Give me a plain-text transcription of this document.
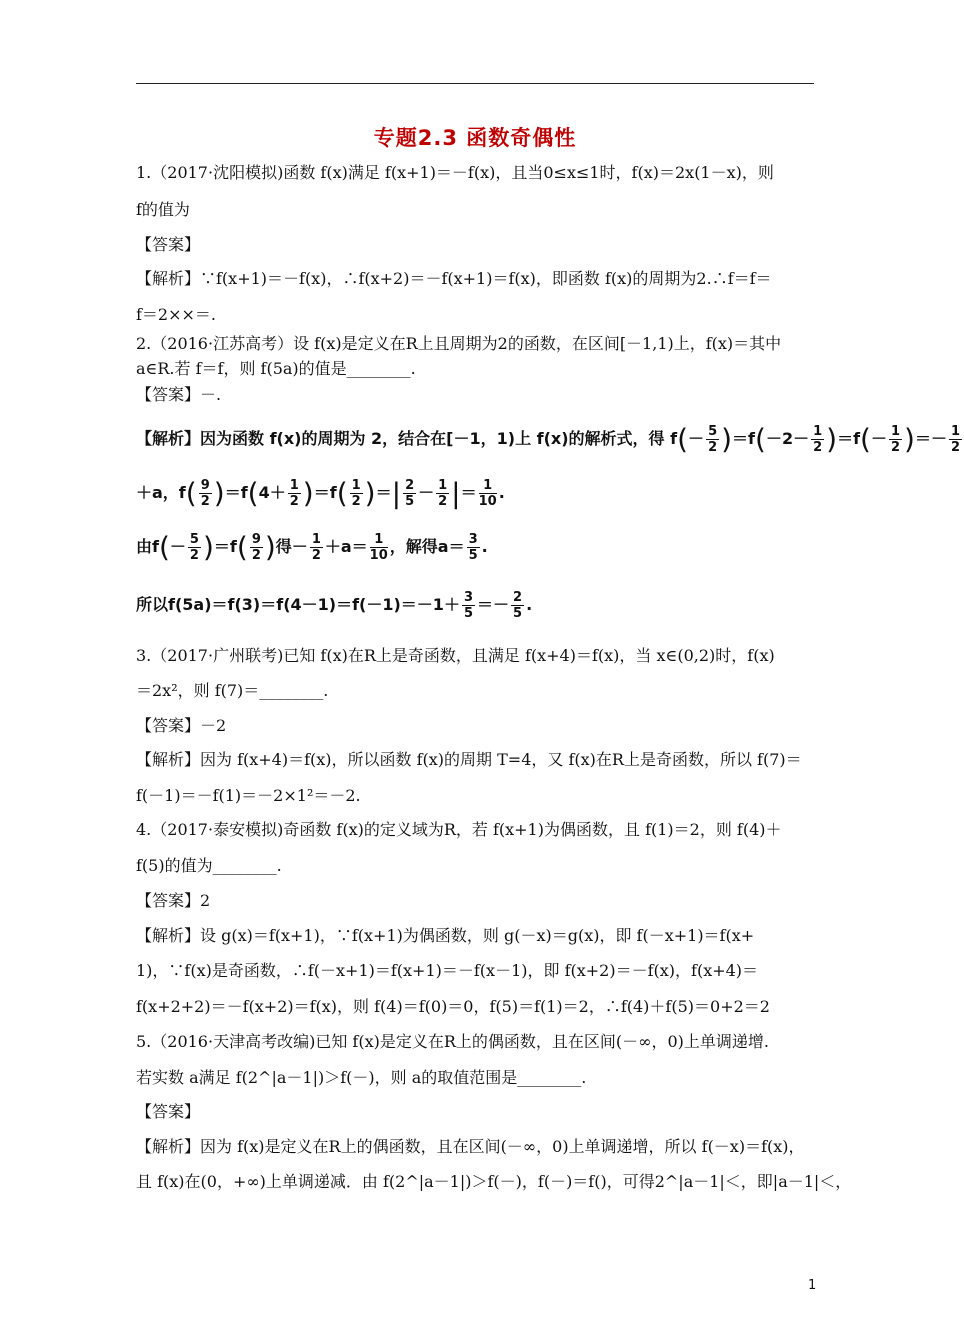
专题2.3 函数奇偶性
1.（2017·沈阳模拟)函数 f(x)满足 f(x+1)＝－f(x)，且当0≤x≤1时，f(x)＝2x(1－x)，则
f的值为
【答案】
【解析】∵f(x+1)＝－f(x)，∴f(x+2)＝－f(x+1)＝f(x)，即函数 f(x)的周期为2.∴f＝f＝
f＝2××＝.
2.（2016·江苏高考）设 f(x)是定义在R上且周期为2的函数，在区间[－1,1)上，f(x)＝其中
a∈R.若 f＝f，则 f(5a)的值是________.
【答案】－.
【解析】因为函数 f(x)的周期为 2，结合在[－1，1)上 f(x)的解析式，得 $f(- \frac{5}{2} )=f(-2- \frac{1}{2} )=f(- \frac{1}{2}$ )＝－ $\frac{1}{2}$
＋a，$f( \frac{9}{2} )=f(4+ \frac{1}{2} )=f( \frac{1}{2}$ )＝| $\frac{2}{5} - \frac{1}{2}$ |＝ $\frac{1}{10}$ .
由$f(- \frac{5}{2} )=f( \frac{9}{2}$ )得－ $\frac{1}{2} +a= \frac{1}{10}$ ，解得$a= \frac{3}{5}$ .
所以$f(5a)=f(3)=f(4-1)=f(-1)=-1+ \frac{3}{5} =- \frac{2}{5}$ .
3.（2017·广州联考)已知 f(x)在R上是奇函数，且满足 f(x+4)＝f(x)，当 x∈(0,2)时，f(x)
＝2x²，则 f(7)＝________.
【答案】－2
【解析】因为 f(x+4)＝f(x)，所以函数 f(x)的周期 T=4，又 f(x)在R上是奇函数，所以 f(7)＝
f(－1)＝－f(1)＝－2×1²＝－2.
4.（2017·泰安模拟)奇函数 f(x)的定义域为R，若 f(x+1)为偶函数，且 f(1)＝2，则 f(4)＋
f(5)的值为________.
【答案】2
【解析】设 g(x)＝f(x+1)，∵f(x+1)为偶函数，则 g(－x)＝g(x)，即 f(－x+1)＝f(x+
1)，∵f(x)是奇函数，∴f(－x+1)＝f(x+1)＝－f(x－1)，即 f(x+2)＝－f(x)，f(x+4)＝
f(x+2+2)＝－f(x+2)＝f(x)，则 f(4)＝f(0)＝0，f(5)＝f(1)＝2，∴f(4)＋f(5)＝0+2＝2
5.（2016·天津高考改编)已知 f(x)是定义在R上的偶函数，且在区间(－∞，0)上单调递增.
若实数 a满足 f(2^|a－1|)＞f(－)，则 a的取值范围是________.
【答案】
【解析】因为 f(x)是定义在R上的偶函数，且在区间(－∞，0)上单调递增，所以 f(－x)＝f(x)，
且 f(x)在(0，+∞)上单调递减．由 f(2^|a－1|)＞f(－)，f(－)＝f()，可得2^|a－1|＜，即|a－1|＜，
1
